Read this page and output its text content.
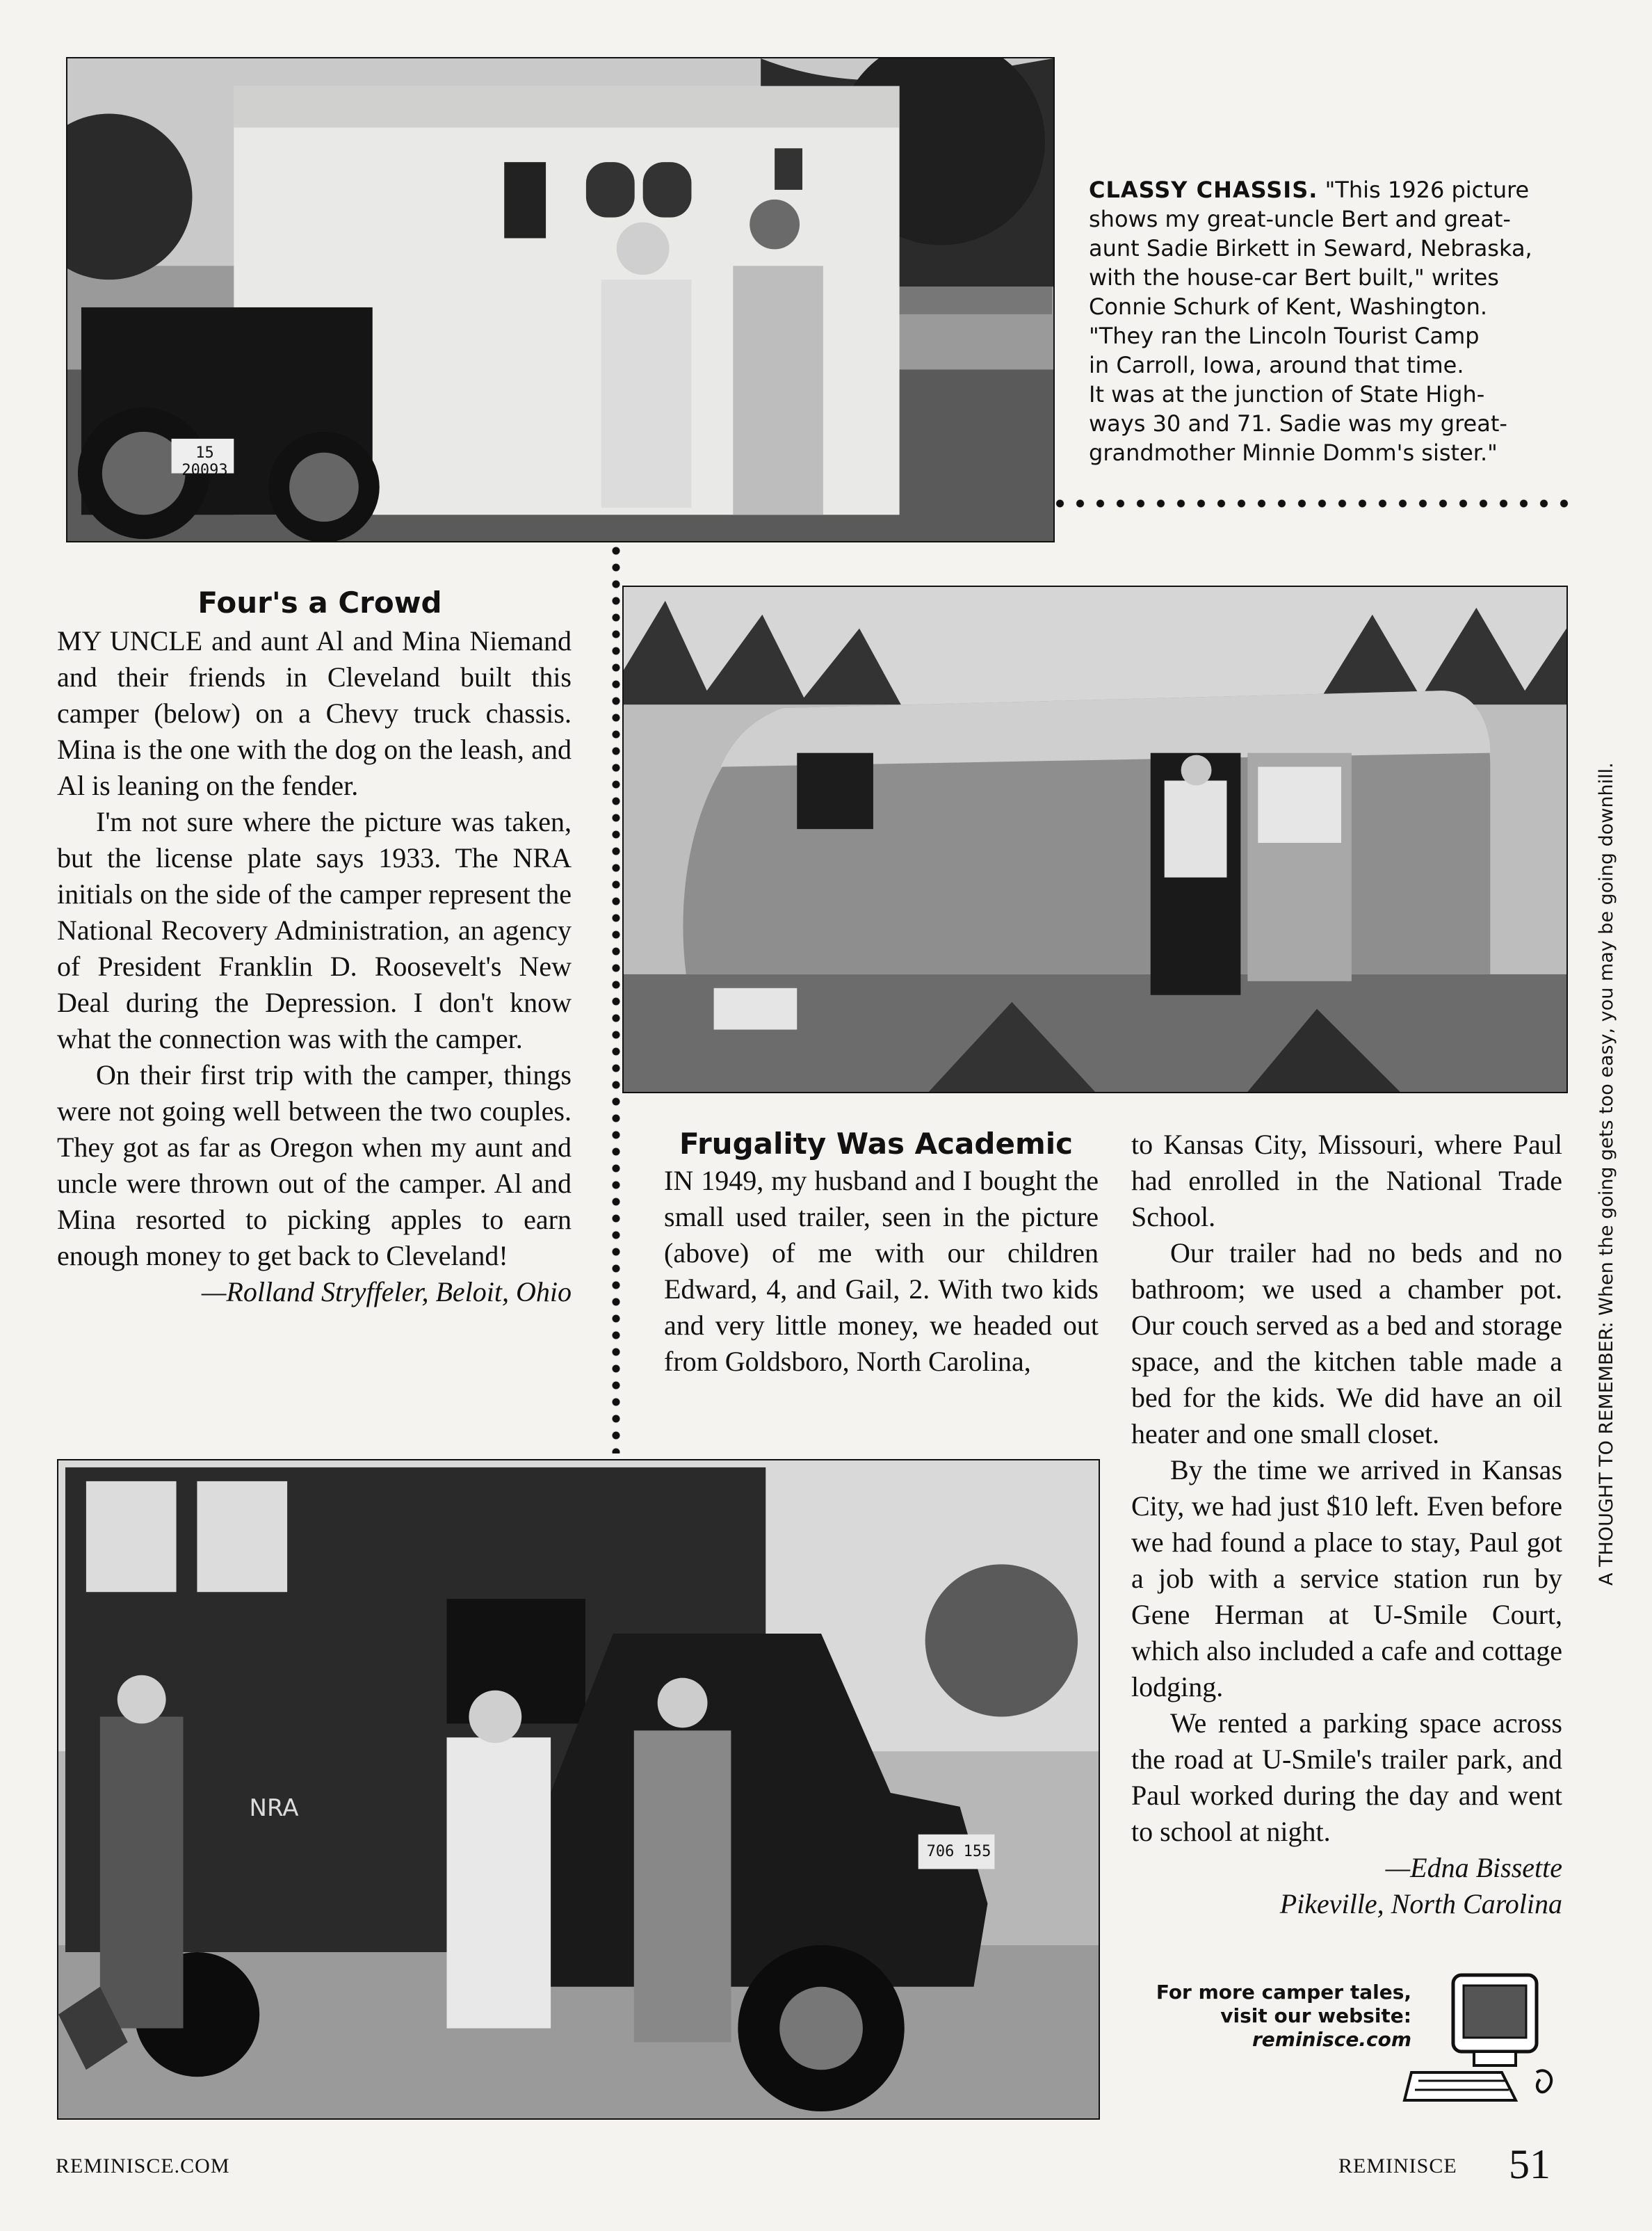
15 20093
CLASSY CHASSIS. "This 1926 picture
shows my great-uncle Bert and great-
aunt Sadie Birkett in Seward, Nebraska,
with the house-car Bert built," writes
Connie Schurk of Kent, Washington.
"They ran the Lincoln Tourist Camp
in Carroll, Iowa, around that time.
It was at the junction of State High-
ways 30 and 71. Sadie was my great-
grandmother Minnie Domm's sister."
Four's a Crowd

MY UNCLE and aunt Al and Mina Niemand and their friends in Cleveland built this camper (below) on a Chevy truck chassis. Mina is the one with the dog on the leash, and Al is leaning on the fender.

I'm not sure where the picture was taken, but the license plate says 1933. The NRA initials on the side of the camper represent the National Recovery Administration, an agency of President Franklin D. Roosevelt's New Deal during the Depression. I don't know what the connection was with the camper.

On their first trip with the camper, things were not going well between the two couples. They got as far as Oregon when my aunt and uncle were thrown out of the camper. Al and Mina resorted to picking apples to earn enough money to get back to Cleveland!

—Rolland Stryffeler, Beloit, Ohio

Frugality Was Academic

IN 1949, my husband and I bought the small used trailer, seen in the picture (above) of me with our children Edward, 4, and Gail, 2. With two kids and very little money, we headed out from Goldsboro, North Carolina,

to Kansas City, Missouri, where Paul had enrolled in the National Trade School.

Our trailer had no beds and no bathroom; we used a chamber pot. Our couch served as a bed and storage space, and the kitchen table made a bed for the kids. We did have an oil heater and one small closet.

By the time we arrived in Kansas City, we had just $10 left. Even before we had found a place to stay, Paul got a job with a service station run by Gene Herman at U-Smile Court, which also included a cafe and cottage lodging.

We rented a parking space across the road at U-Smile's trailer park, and Paul worked during the day and went to school at night.

—Edna Bissette

Pikeville, North Carolina

NRA
706 155
A THOUGHT TO REMEMBER: When the going gets too easy, you may be going downhill.
For more camper tales,
visit our website:
reminisce.com
REMINISCE.COM	REMINISCE 51
